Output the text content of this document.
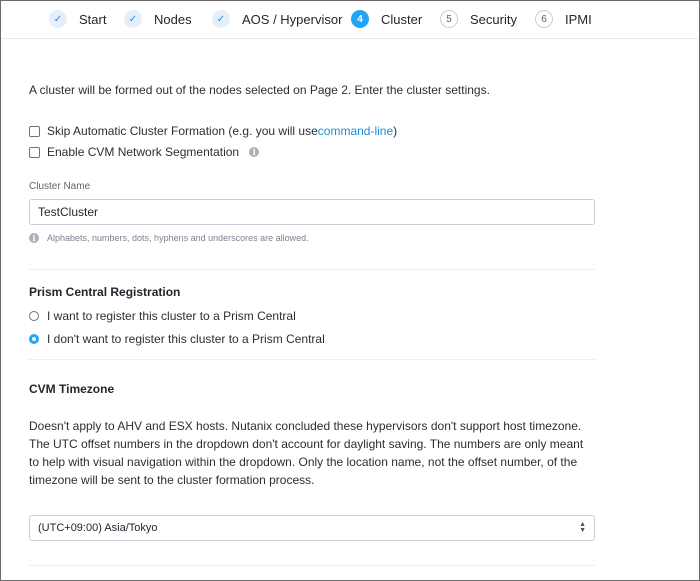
✓	Start	✓	Nodes	✓	AOS / Hypervisor	4	Cluster	5	Security	6	IPMI
A cluster will be formed out of the nodes selected on Page 2. Enter the cluster settings.
Skip Automatic Cluster Formation (e.g. you will use command-line )
Enable CVM Network Segmentation	i
Cluster Name
TestCluster
i	Alphabets, numbers, dots, hyphens and underscores are allowed.
Prism Central Registration
I want to register this cluster to a Prism Central
I don't want to register this cluster to a Prism Central
CVM Timezone
Doesn't apply to AHV and ESX hosts. Nutanix concluded these hypervisors don't support host timezone. The UTC offset numbers in the dropdown don't account for daylight saving. The numbers are only meant to help with visual navigation within the dropdown. Only the location name, not the offset number, of the timezone will be sent to the cluster formation process.
(UTC+09:00) Asia/Tokyo	▲
▼
